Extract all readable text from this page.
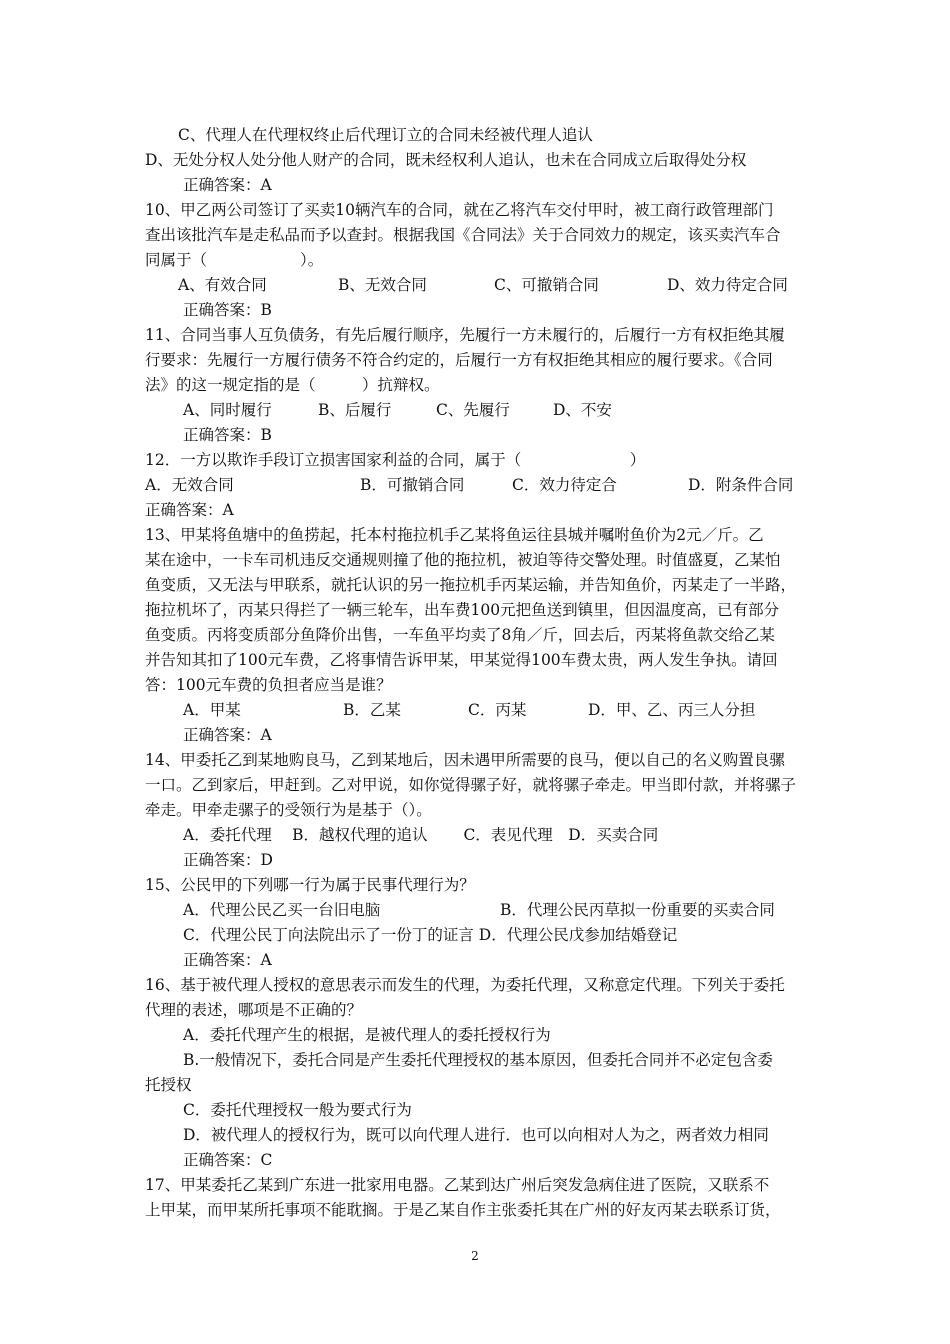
C、代理人在代理权终止后代理订立的合同未经被代理人追认
D、无处分权人处分他人财产的合同，既未经权利人追认，也未在合同成立后取得处分权
正确答案：A
10、甲乙两公司签订了买卖10辆汽车的合同，就在乙将汽车交付甲时，被工商行政管理部门
查出该批汽车是走私品而予以查封。根据我国《合同法》关于合同效力的规定，该买卖汽车合
同属于（　　　　　　）。
A、有效合同	B、无效合同	C、可撤销合同	D、效力待定合同
正确答案：B
11、合同当事人互负债务，有先后履行顺序，先履行一方未履行的，后履行一方有权拒绝其履
行要求：先履行一方履行债务不符合约定的，后履行一方有权拒绝其相应的履行要求。《合同
法》的这一规定指的是（　　　）抗辩权。
A、同时履行	B、后履行	C、先履行	D、不安
正确答案：B
12．一方以欺诈手段订立损害国家利益的合同，属于（　　　　　　　）
A．无效合同	B．可撤销合同	C．效力待定合	D．附条件合同
正确答案：A
13、甲某将鱼塘中的鱼捞起，托本村拖拉机手乙某将鱼运往县城并嘱咐鱼价为2元／斤。乙
某在途中，一卡车司机违反交通规则撞了他的拖拉机，被迫等待交警处理。时值盛夏，乙某怕
鱼变质，又无法与甲联系，就托认识的另一拖拉机手丙某运输，并告知鱼价，丙某走了一半路，
拖拉机坏了，丙某只得拦了一辆三轮车，出车费100元把鱼送到镇里，但因温度高，已有部分
鱼变质。丙将变质部分鱼降价出售，一车鱼平均卖了8角／斤，回去后，丙某将鱼款交给乙某
并告知其扣了100元车费，乙将事情告诉甲某，甲某觉得100车费太贵，两人发生争执。请回
答：100元车费的负担者应当是谁？
A．甲某	B．乙某	C．丙某	D．甲、乙、丙三人分担
正确答案：A
14、甲委托乙到某地购良马，乙到某地后，因未遇甲所需要的良马，便以自己的名义购置良骡
一口。乙到家后，甲赶到。乙对甲说，如你觉得骡子好，就将骡子牵走。甲当即付款，并将骡子
牵走。甲牵走骡子的受领行为是基于（）。
A．委托代理　 B．越权代理的追认　　 C．表见代理　D．买卖合同
正确答案：D
15、公民甲的下列哪一行为属于民事代理行为？
A．代理公民乙买一台旧电脑	B．代理公民丙草拟一份重要的买卖合同
C．代理公民丁向法院出示了一份丁的证言 D．代理公民戊参加结婚登记
正确答案：A
16、基于被代理人授权的意思表示而发生的代理，为委托代理，又称意定代理。下列关于委托
代理的表述，哪项是不正确的？
A．委托代理产生的根据，是被代理人的委托授权行为
B.一般情况下，委托合同是产生委托代理授权的基本原因，但委托合同并不必定包含委
托授权
C．委托代理授权一般为要式行为
D．被代理人的授权行为，既可以向代理人进行．也可以向相对人为之，两者效力相同
正确答案：C
17、甲某委托乙某到广东进一批家用电器。乙某到达广州后突发急病住进了医院，又联系不
上甲某，而甲某所托事项不能耽搁。于是乙某自作主张委托其在广州的好友丙某去联系订货，
2
